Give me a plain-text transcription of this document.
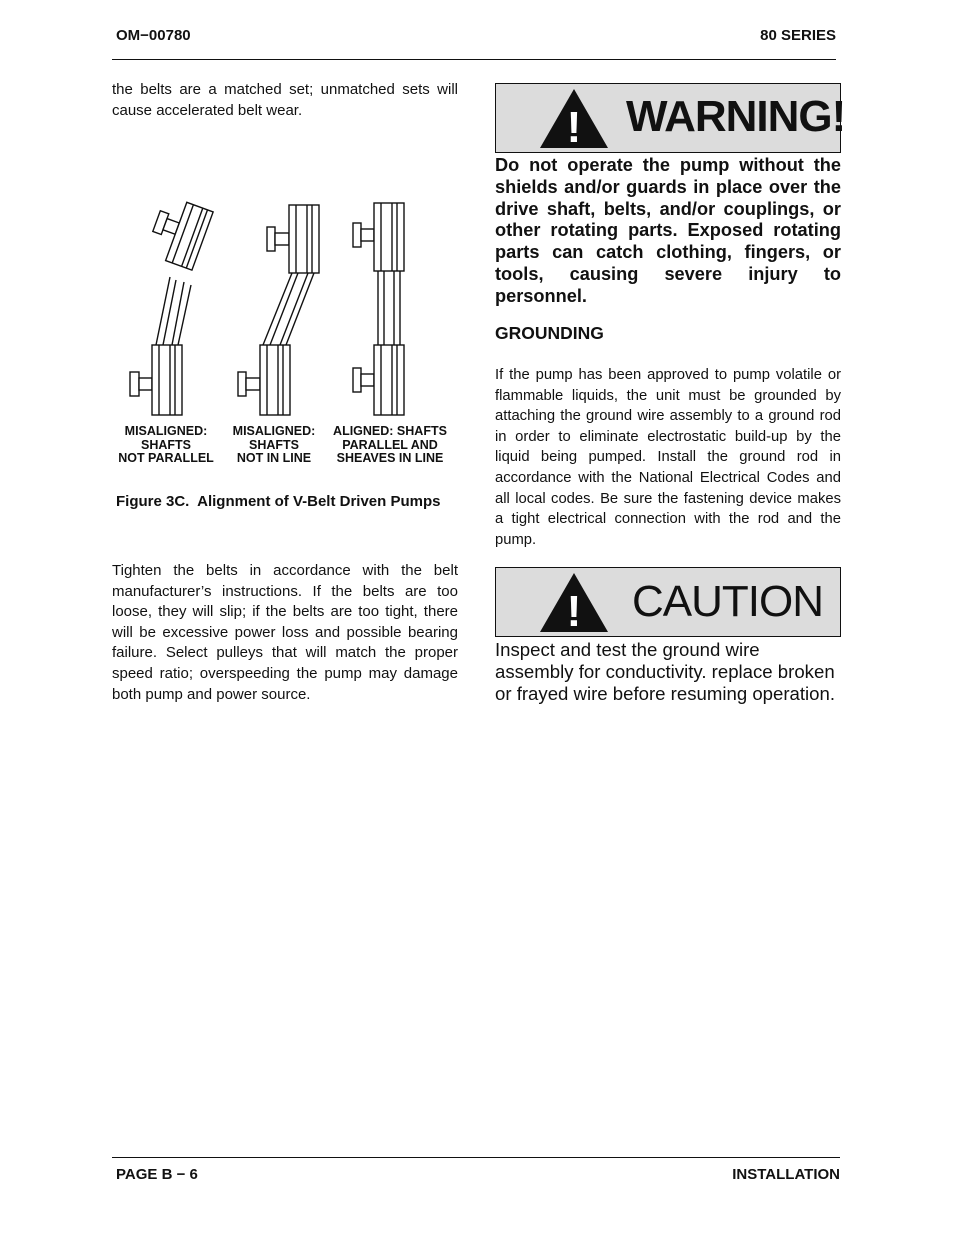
OM−00780	80 SERIES
the belts are a matched set; unmatched sets will cause accelerated belt wear.
MISALIGNED:
SHAFTS
NOT PARALLEL
MISALIGNED:
SHAFTS
NOT IN LINE
ALIGNED: SHAFTS
PARALLEL AND
SHEAVES IN LINE
Figure 3C.  Alignment of V-Belt Driven Pumps
Tighten the belts in accordance with the belt manufacturer’s instructions. If the belts are too loose, they will slip; if the belts are too tight, there will be excessive power loss and possible bearing failure. Select pulleys that will match the proper speed ratio; overspeeding the pump may damage both pump and power source.
! WARNING!
Do not operate the pump without the shields and/or guards in place over the drive shaft, belts, and/or couplings, or other rotating parts. Exposed rotating parts can catch clothing, fingers, or tools, causing severe injury to personnel.
GROUNDING
If the pump has been approved to pump volatile or flammable liquids, the unit must be grounded by attaching the ground wire assembly to a ground rod in order to eliminate electrostatic build-up by the liquid being pumped. Install the ground rod in accordance with the National Electrical Codes and all local codes. Be sure the fastening device makes a tight electrical connection with the rod and the pump.
! CAUTION
Inspect and test the ground wire assembly for conductivity. replace broken or frayed wire before resuming operation.
PAGE B − 6	INSTALLATION
